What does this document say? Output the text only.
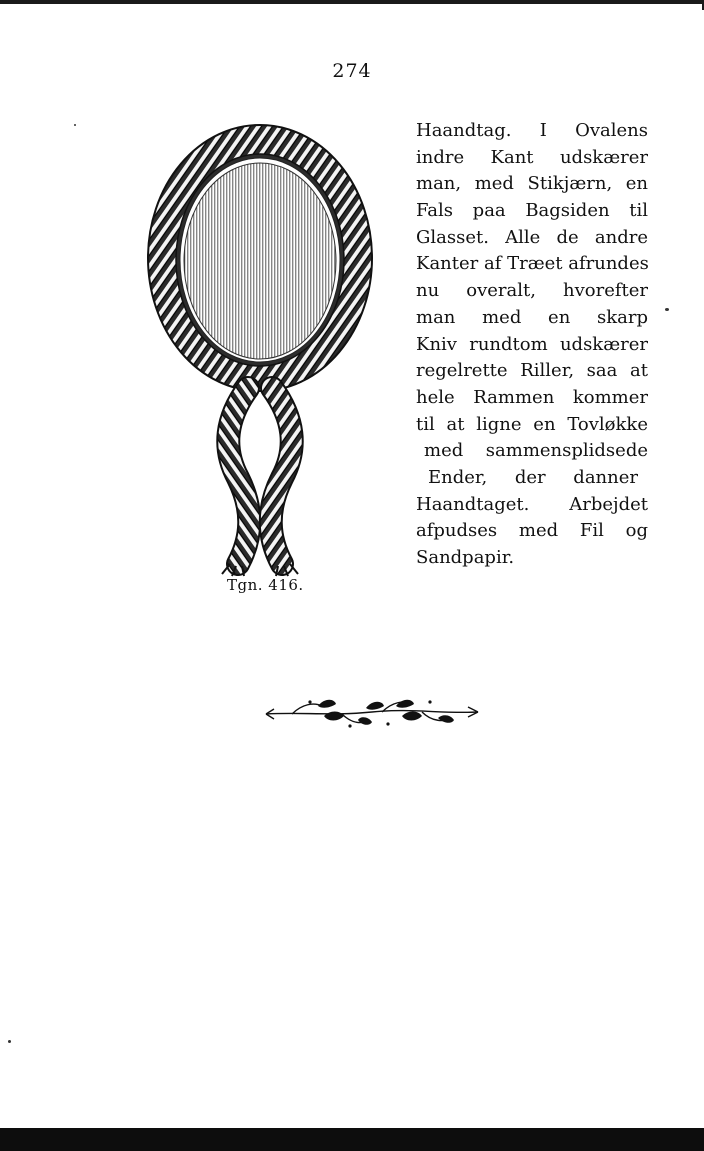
274
Tgn. 416.
Haandtag. I Ovalens
indre Kant udskærer
man, med Stikjærn, en
Fals paa Bagsiden til
Glasset. Alle de andre
Kanter af Træet afrundes
nu overalt, hvorefter
man med en skarp
Kniv rundtom udskærer
regelrette Riller, saa at
hele Rammen kommer
til at ligne en Tovløkke
med sammensplidsede
Ender, der danner
Haandtaget. Arbejdet
afpudses med Fil og
Sandpapir.
